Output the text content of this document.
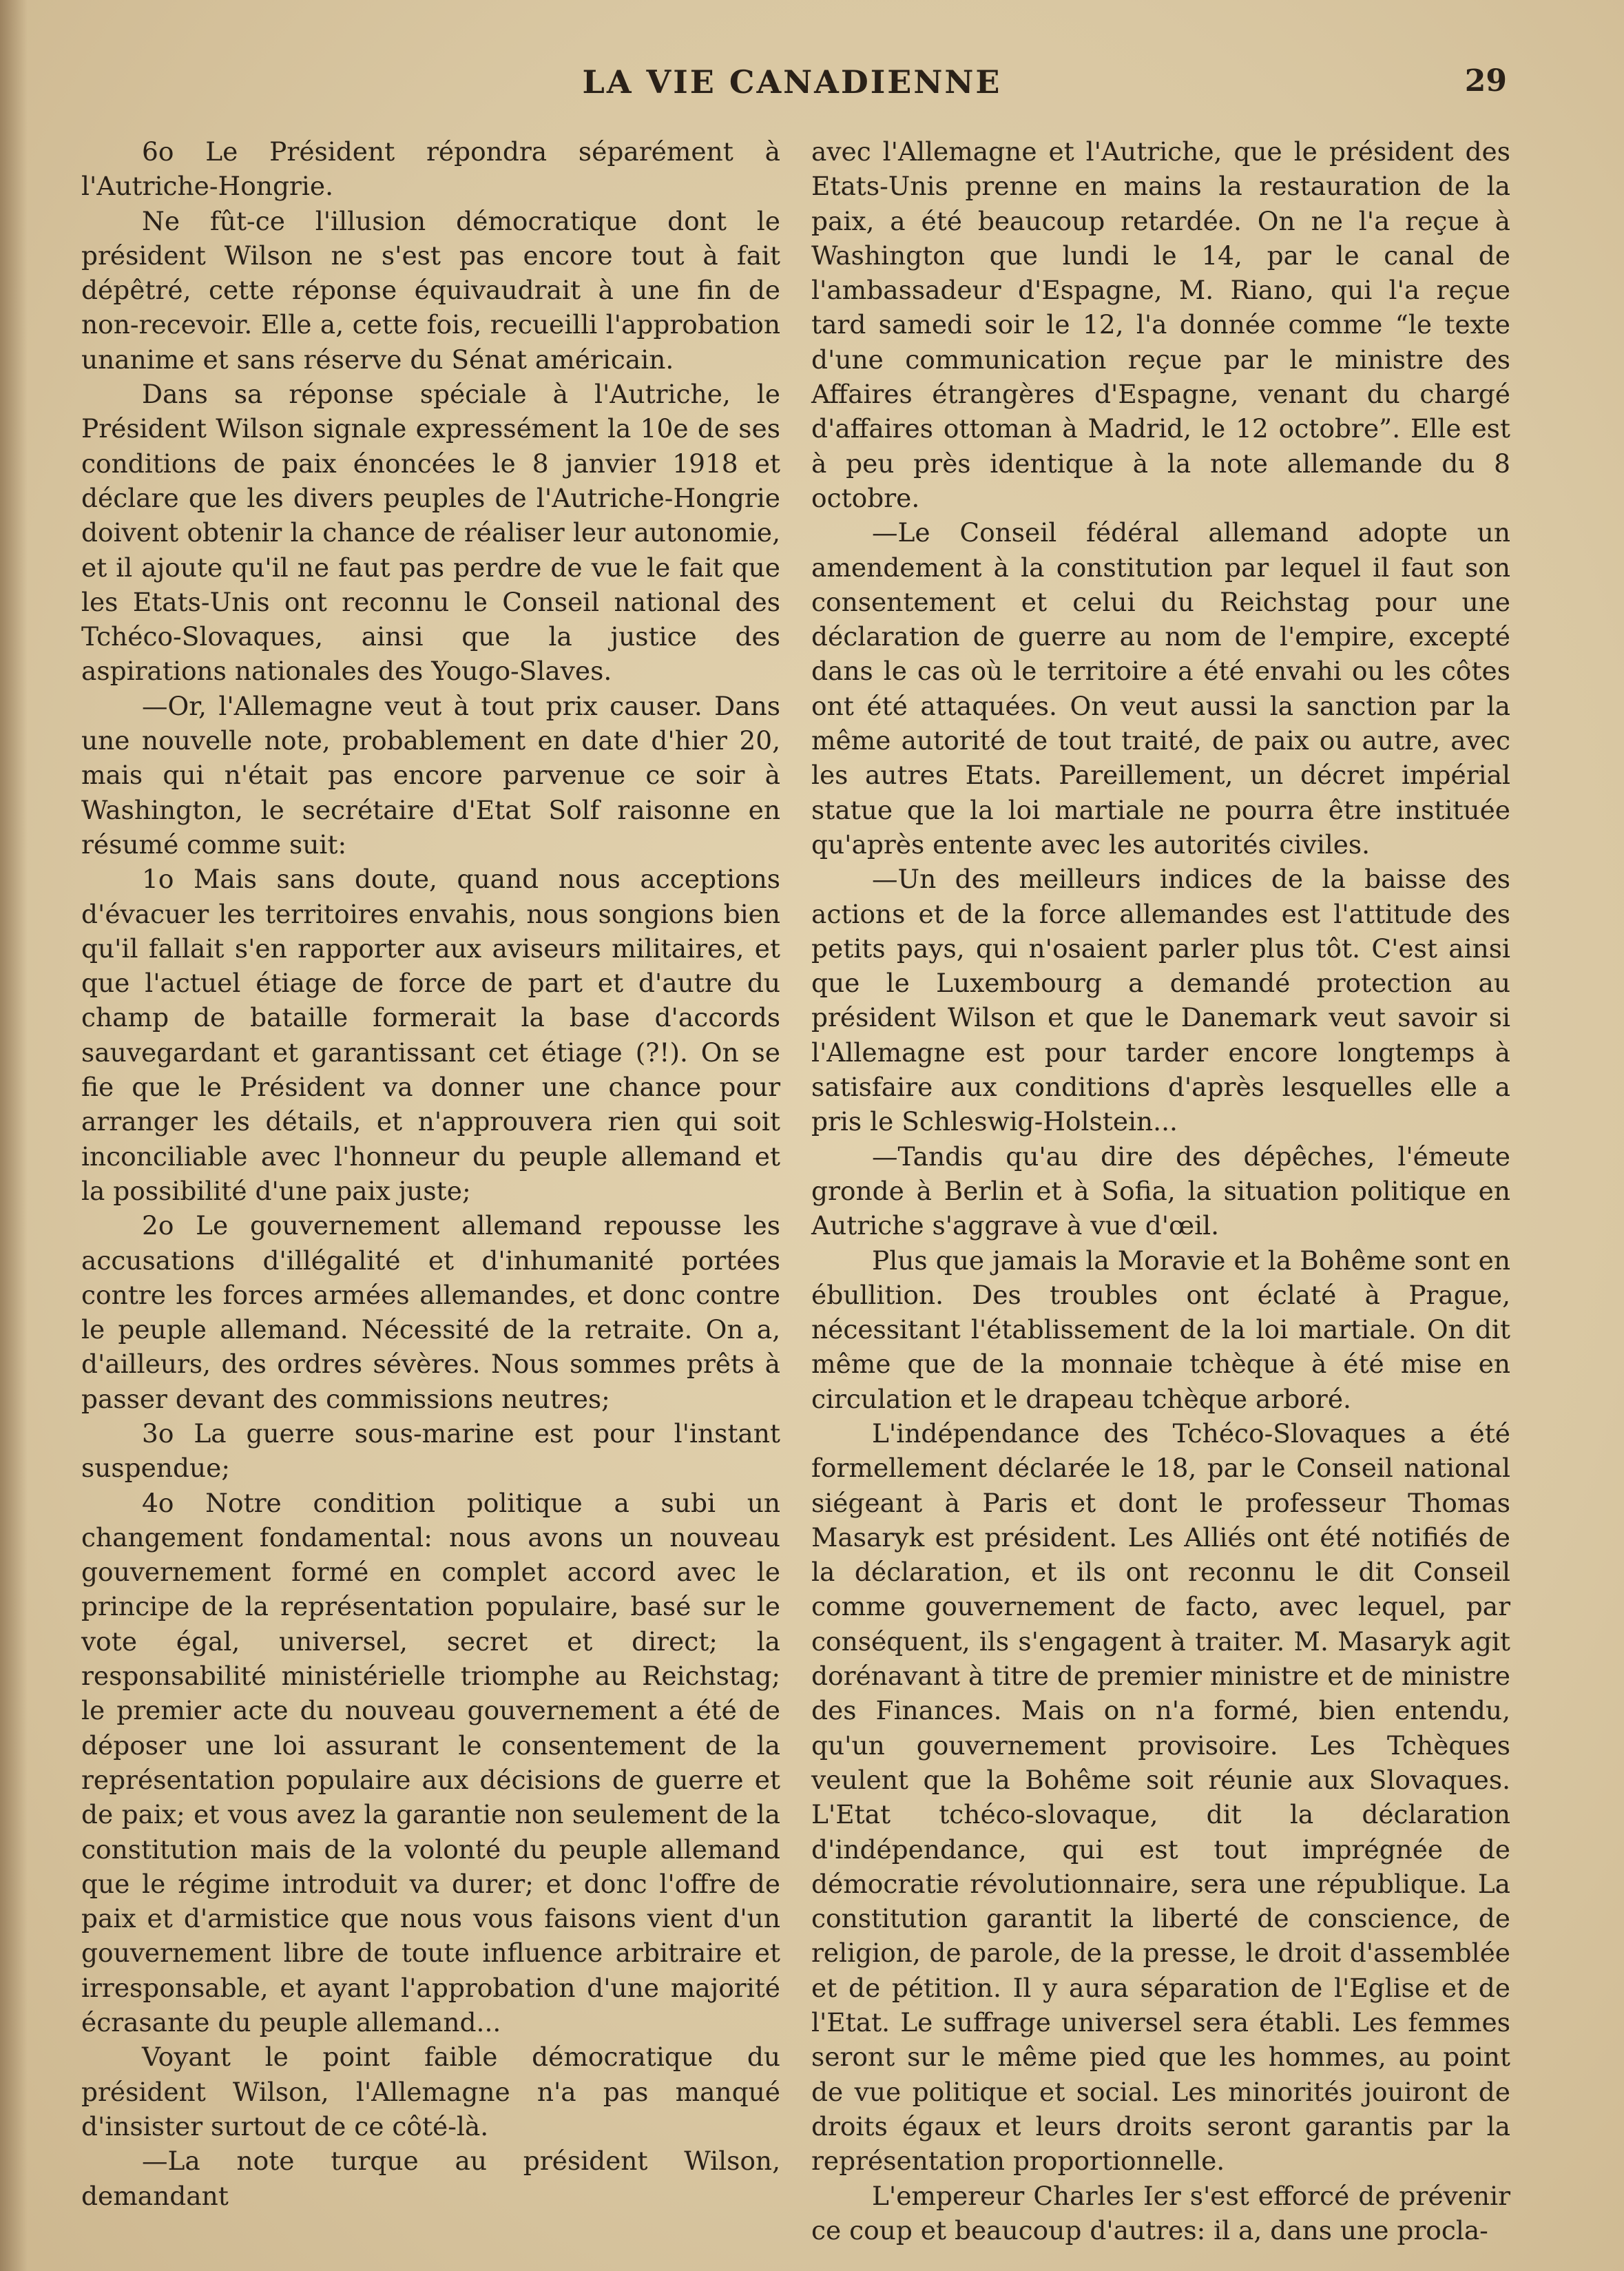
LA VIE CANADIENNE	29

6o Le Président répondra séparément à l'Autriche-Hongrie.

Ne fût-ce l'illusion démocratique dont le président Wilson ne s'est pas encore tout à fait dépêtré, cette réponse équivaudrait à une fin de non-recevoir. Elle a, cette fois, recueilli l'approbation unanime et sans réserve du Sénat américain.

Dans sa réponse spéciale à l'Autriche, le Président Wilson signale expressément la 10e de ses conditions de paix énoncées le 8 janvier 1918 et déclare que les divers peuples de l'Autriche-Hongrie doivent obtenir la chance de réaliser leur autonomie, et il ajoute qu'il ne faut pas perdre de vue le fait que les Etats-Unis ont reconnu le Conseil national des Tchéco-Slovaques, ainsi que la justice des aspirations nationales des Yougo-Slaves.

—Or, l'Allemagne veut à tout prix causer. Dans une nouvelle note, probablement en date d'hier 20, mais qui n'était pas encore parvenue ce soir à Washington, le secrétaire d'Etat Solf raisonne en résumé comme suit:

1o Mais sans doute, quand nous acceptions d'évacuer les territoires envahis, nous songions bien qu'il fallait s'en rapporter aux aviseurs militaires, et que l'actuel étiage de force de part et d'autre du champ de bataille formerait la base d'accords sauvegardant et garantissant cet étiage (?!). On se fie que le Président va donner une chance pour arranger les détails, et n'approuvera rien qui soit inconciliable avec l'honneur du peuple allemand et la possibilité d'une paix juste;

2o Le gouvernement allemand repousse les accusations d'illégalité et d'inhumanité portées contre les forces armées allemandes, et donc contre le peuple allemand. Nécessité de la retraite. On a, d'ailleurs, des ordres sévères. Nous sommes prêts à passer devant des commissions neutres;

3o La guerre sous-marine est pour l'instant suspendue;

4o Notre condition politique a subi un changement fondamental: nous avons un nouveau gouvernement formé en complet accord avec le principe de la représentation populaire, basé sur le vote égal, universel, secret et direct; la responsabilité ministérielle triomphe au Reichstag; le premier acte du nouveau gouvernement a été de déposer une loi assurant le consentement de la représentation populaire aux décisions de guerre et de paix; et vous avez la garantie non seulement de la constitution mais de la volonté du peuple allemand que le régime introduit va durer; et donc l'offre de paix et d'armistice que nous vous faisons vient d'un gouvernement libre de toute influence arbitraire et irresponsable, et ayant l'approbation d'une majorité écrasante du peuple allemand...

Voyant le point faible démocratique du président Wilson, l'Allemagne n'a pas manqué d'insister surtout de ce côté-là.

—La note turque au président Wilson, demandant

avec l'Allemagne et l'Autriche, que le président des Etats-Unis prenne en mains la restauration de la paix, a été beaucoup retardée. On ne l'a reçue à Washington que lundi le 14, par le canal de l'ambassadeur d'Espagne, M. Riano, qui l'a reçue tard samedi soir le 12, l'a donnée comme “le texte d'une communication reçue par le ministre des Affaires étrangères d'Espagne, venant du chargé d'affaires ottoman à Madrid, le 12 octobre”. Elle est à peu près identique à la note allemande du 8 octobre.

—Le Conseil fédéral allemand adopte un amendement à la constitution par lequel il faut son consentement et celui du Reichstag pour une déclaration de guerre au nom de l'empire, excepté dans le cas où le territoire a été envahi ou les côtes ont été attaquées. On veut aussi la sanction par la même autorité de tout traité, de paix ou autre, avec les autres Etats. Pareillement, un décret impérial statue que la loi martiale ne pourra être instituée qu'après entente avec les autorités civiles.

—Un des meilleurs indices de la baisse des actions et de la force allemandes est l'attitude des petits pays, qui n'osaient parler plus tôt. C'est ainsi que le Luxembourg a demandé protection au président Wilson et que le Danemark veut savoir si l'Allemagne est pour tarder encore longtemps à satisfaire aux conditions d'après lesquelles elle a pris le Schleswig-Holstein...

—Tandis qu'au dire des dépêches, l'émeute gronde à Berlin et à Sofia, la situation politique en Autriche s'aggrave à vue d'œil.

Plus que jamais la Moravie et la Bohême sont en ébullition. Des troubles ont éclaté à Prague, nécessitant l'établissement de la loi martiale. On dit même que de la monnaie tchèque à été mise en circulation et le drapeau tchèque arboré.

L'indépendance des Tchéco-Slovaques a été formellement déclarée le 18, par le Conseil national siégeant à Paris et dont le professeur Thomas Masaryk est président. Les Alliés ont été notifiés de la déclaration, et ils ont reconnu le dit Conseil comme gouvernement de facto, avec lequel, par conséquent, ils s'engagent à traiter. M. Masaryk agit dorénavant à titre de premier ministre et de ministre des Finances. Mais on n'a formé, bien entendu, qu'un gouvernement provisoire. Les Tchèques veulent que la Bohême soit réunie aux Slovaques. L'Etat tchéco-slovaque, dit la déclaration d'indépendance, qui est tout imprégnée de démocratie révolutionnaire, sera une république. La constitution garantit la liberté de conscience, de religion, de parole, de la presse, le droit d'assemblée et de pétition. Il y aura séparation de l'Eglise et de l'Etat. Le suffrage universel sera établi. Les femmes seront sur le même pied que les hommes, au point de vue politique et social. Les minorités jouiront de droits égaux et leurs droits seront garantis par la représentation proportionnelle.

L'empereur Charles Ier s'est efforcé de prévenir ce coup et beaucoup d'autres: il a, dans une procla-
